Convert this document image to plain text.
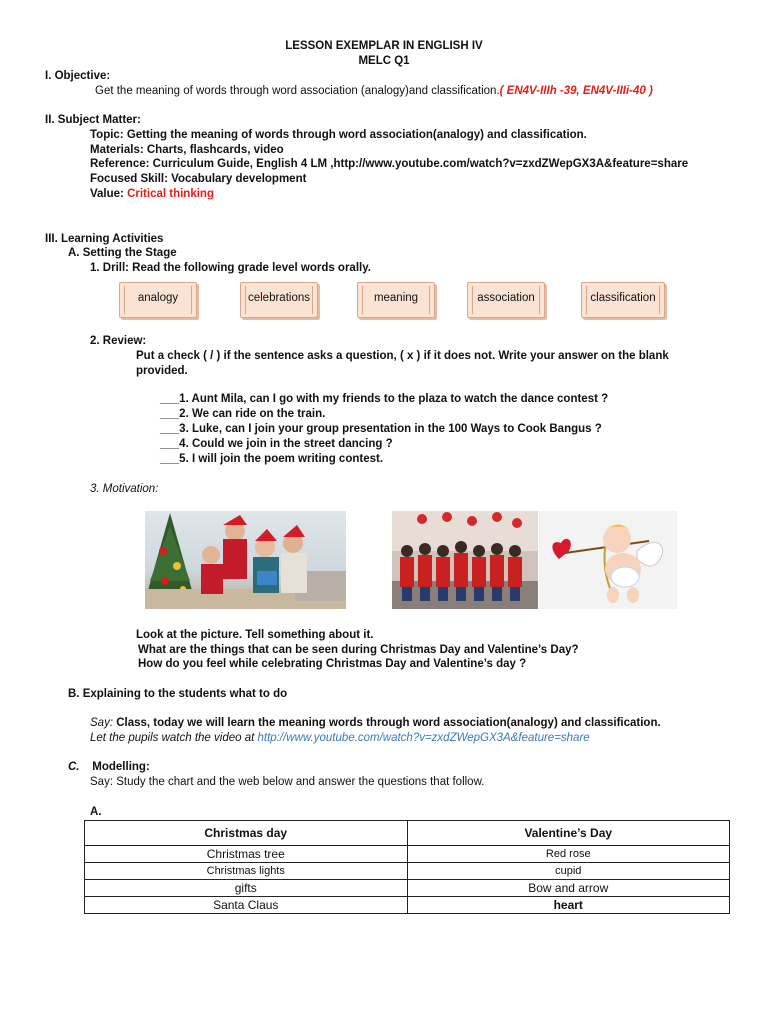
LESSON EXEMPLAR IN ENGLISH IV
MELC Q1
I. Objective:
Get the meaning of words through word association (analogy)and classification.( EN4V-IIIh -39, EN4V-IIIi-40 )
II. Subject Matter:
Topic: Getting the meaning of words through word association(analogy) and classification.
Materials: Charts, flashcards, video
Reference: Curriculum Guide, English 4 LM ,http://www.youtube.com/watch?v=zxdZWepGX3A&feature=share
Focused Skill: Vocabulary development
Value: Critical thinking
III. Learning Activities
A. Setting the Stage
1. Drill: Read the following grade level words orally.
analogy	celebrations	meaning	association	classification
2. Review:
Put a check ( / ) if the sentence asks a question, ( x ) if it does not. Write your answer on the blank
provided.
___1. Aunt Mila, can I go with my friends to the plaza to watch the dance contest ?
___2. We can ride on the train.
___3. Luke, can I join your group presentation in the 100 Ways to Cook Bangus ?
___4. Could we join in the street dancing ?
___5. I will join the poem writing contest.
3. Motivation:
Look at the picture. Tell something about it.
What are the things that can be seen during Christmas Day and Valentine’s Day?
How do you feel while celebrating Christmas Day and Valentine’s day ?
B. Explaining to the students what to do
Say: Class, today we will learn the meaning words through word association(analogy) and classification.
Let the pupils watch the video at http://www.youtube.com/watch?v=zxdZWepGX3A&feature=share
C. Modelling:
Say: Study the chart and the web below and answer the questions that follow.
A.
Christmas day	Valentine’s Day
Christmas tree	Red rose
Christmas lights	cupid
gifts	Bow and arrow
Santa Claus	heart
